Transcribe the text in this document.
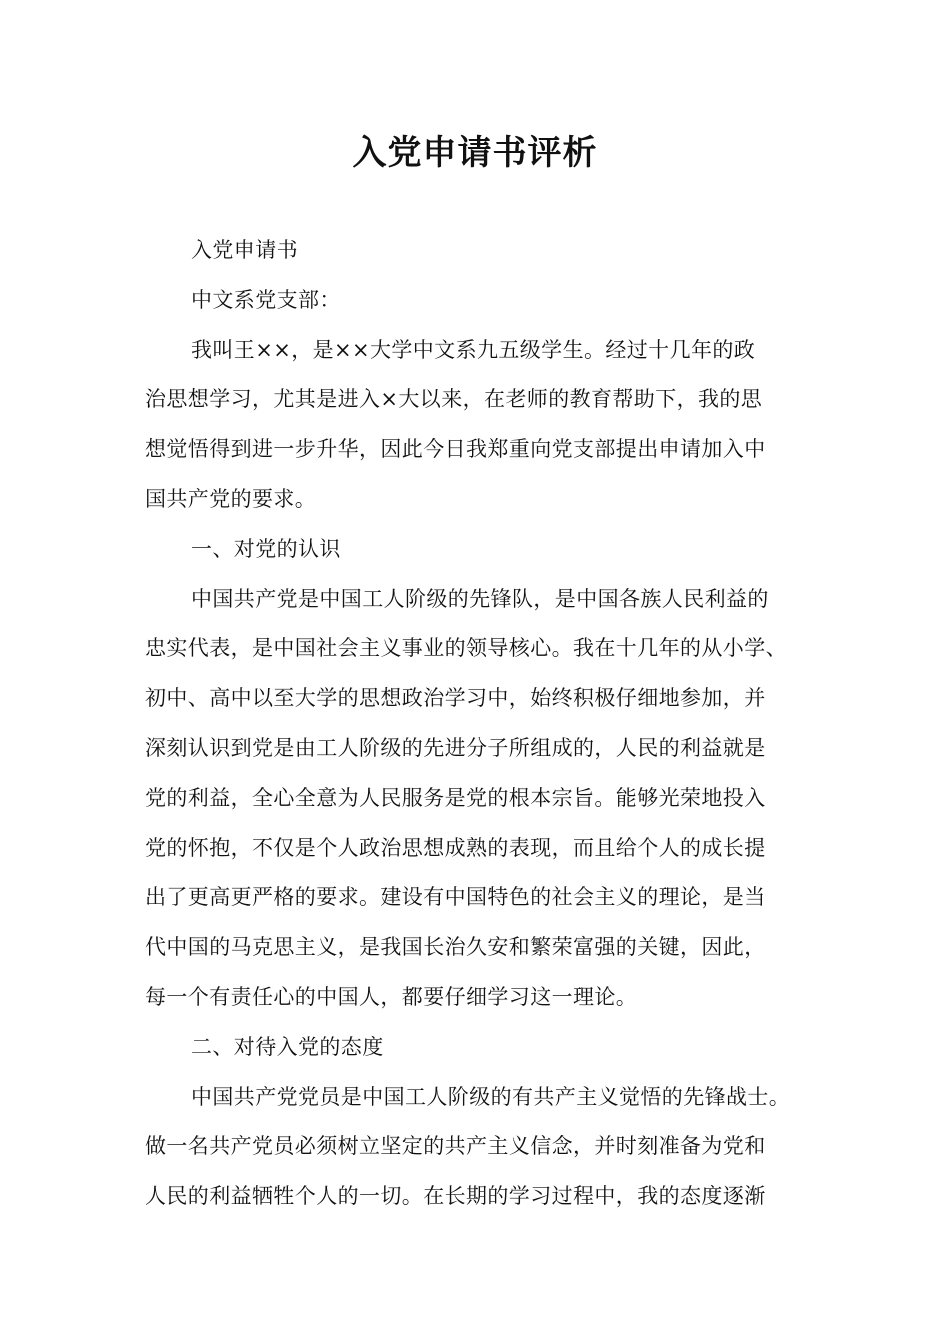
入党申请书评析
入党申请书
中文系党支部：
我叫王××，是××大学中文系九五级学生。经过十几年的政
治思想学习，尤其是进入×大以来，在老师的教育帮助下，我的思
想觉悟得到进一步升华，因此今日我郑重向党支部提出申请加入中
国共产党的要求。
一、对党的认识
中国共产党是中国工人阶级的先锋队，是中国各族人民利益的
忠实代表，是中国社会主义事业的领导核心。我在十几年的从小学、
初中、高中以至大学的思想政治学习中，始终积极仔细地参加，并
深刻认识到党是由工人阶级的先进分子所组成的，人民的利益就是
党的利益，全心全意为人民服务是党的根本宗旨。能够光荣地投入
党的怀抱，不仅是个人政治思想成熟的表现，而且给个人的成长提
出了更高更严格的要求。建设有中国特色的社会主义的理论，是当
代中国的马克思主义，是我国长治久安和繁荣富强的关键，因此，
每一个有责任心的中国人，都要仔细学习这一理论。
二、对待入党的态度
中国共产党党员是中国工人阶级的有共产主义觉悟的先锋战士。
做一名共产党员必须树立坚定的共产主义信念，并时刻准备为党和
人民的利益牺牲个人的一切。在长期的学习过程中，我的态度逐渐
